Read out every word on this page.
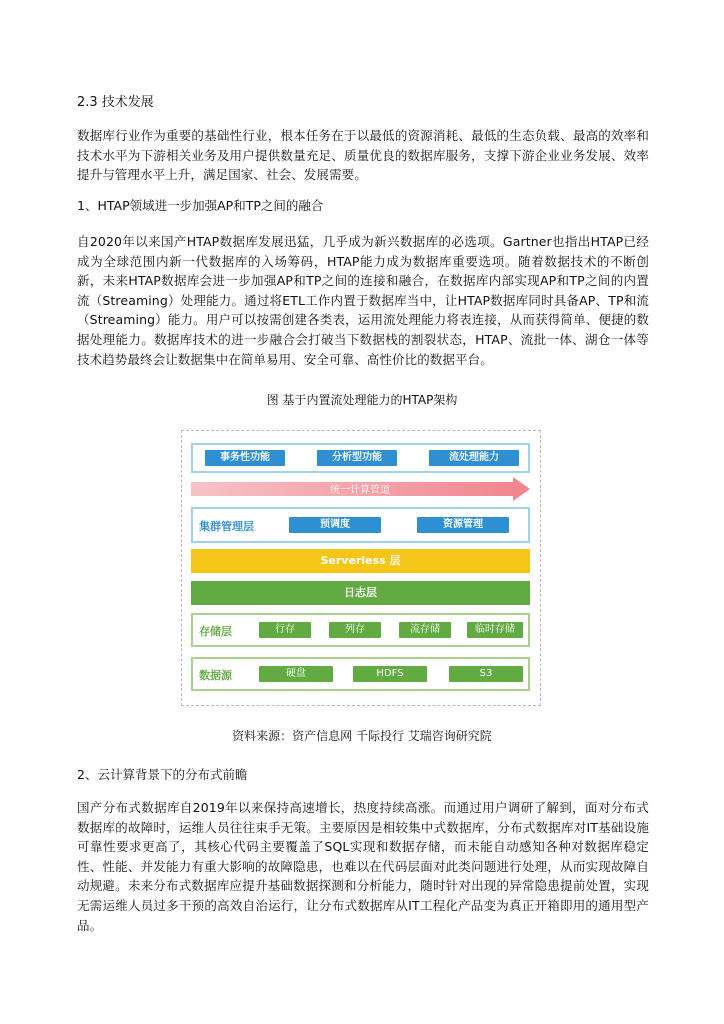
2.3 技术发展

数据库行业作为重要的基础性行业，根本任务在于以最低的资源消耗、最低的生态负载、最高的效率和技术水平为下游相关业务及用户提供数量充足、质量优良的数据库服务，支撑下游企业业务发展、效率提升与管理水平上升，满足国家、社会、发展需要。

1、HTAP领域进一步加强AP和TP之间的融合

自2020年以来国产HTAP数据库发展迅猛，几乎成为新兴数据库的必选项。Gartner也指出HTAP已经成为全球范围内新一代数据库的入场筹码，HTAP能力成为数据库重要选项。随着数据技术的不断创新，未来HTAP数据库会进一步加强AP和TP之间的连接和融合，在数据库内部实现AP和TP之间的内置流（Streaming）处理能力。通过将ETL工作内置于数据库当中，让HTAP数据库同时具备AP、TP和流（Streaming）能力。用户可以按需创建各类表，运用流处理能力将表连接，从而获得简单、便捷的数据处理能力。数据库技术的进一步融合会打破当下数据栈的割裂状态，HTAP、流批一体、湖仓一体等技术趋势最终会让数据集中在简单易用、安全可靠、高性价比的数据平台。

图 基于内置流处理能力的HTAP架构
事务性功能	分析型功能	流处理能力
统一计算管道
集群管理层	预调度	资源管理
Serverless 层
日志层
存储层	行存	列存	流存储	临时存储
数据源	硬盘	HDFS	S3
资料来源：资产信息网 千际投行 艾瑞咨询研究院
2、云计算背景下的分布式前瞻

国产分布式数据库自2019年以来保持高速增长，热度持续高涨。而通过用户调研了解到，面对分布式数据库的故障时，运维人员往往束手无策。主要原因是相较集中式数据库，分布式数据库对IT基础设施可靠性要求更高了，其核心代码主要覆盖了SQL实现和数据存储，而未能自动感知各种对数据库稳定性、性能、并发能力有重大影响的故障隐患，也难以在代码层面对此类问题进行处理，从而实现故障自动规避。未来分布式数据库应提升基础数据探测和分析能力，随时针对出现的异常隐患提前处置，实现无需运维人员过多干预的高效自治运行，让分布式数据库从IT工程化产品变为真正开箱即用的通用型产品。
